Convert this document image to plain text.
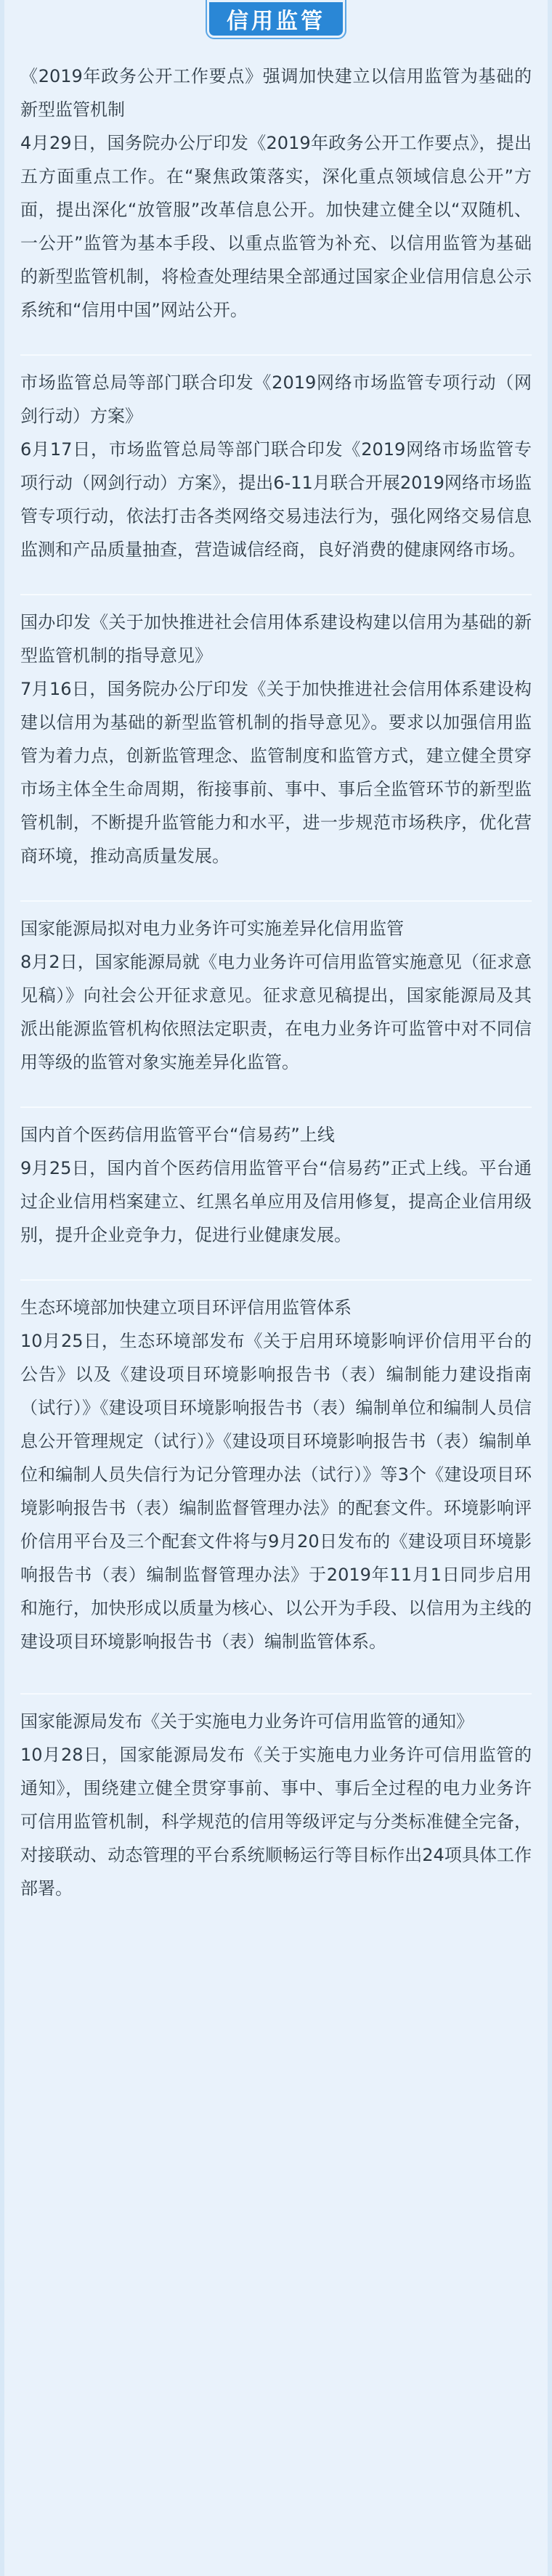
信用监管

《2019年政务公开工作要点》强调加快建立以信用监管为基础的新型监管机制

4月29日，国务院办公厅印发《2019年政务公开工作要点》，提出五方面重点工作。在“聚焦政策落实，深化重点领域信息公开”方面，提出深化“放管服”改革信息公开。加快建立健全以“双随机、一公开”监管为基本手段、以重点监管为补充、以信用监管为基础的新型监管机制，将检查处理结果全部通过国家企业信用信息公示系统和“信用中国”网站公开。

市场监管总局等部门联合印发《2019网络市场监管专项行动（网剑行动）方案》

6月17日，市场监管总局等部门联合印发《2019网络市场监管专项行动（网剑行动）方案》，提出6-11月联合开展2019网络市场监管专项行动，依法打击各类网络交易违法行为，强化网络交易信息监测和产品质量抽查，营造诚信经商，良好消费的健康网络市场。

国办印发《关于加快推进社会信用体系建设构建以信用为基础的新型监管机制的指导意见》

7月16日，国务院办公厅印发《关于加快推进社会信用体系建设构建以信用为基础的新型监管机制的指导意见》。要求以加强信用监管为着力点，创新监管理念、监管制度和监管方式，建立健全贯穿市场主体全生命周期，衔接事前、事中、事后全监管环节的新型监管机制，不断提升监管能力和水平，进一步规范市场秩序，优化营商环境，推动高质量发展。

国家能源局拟对电力业务许可实施差异化信用监管

8月2日，国家能源局就《电力业务许可信用监管实施意见（征求意见稿）》向社会公开征求意见。征求意见稿提出，国家能源局及其派出能源监管机构依照法定职责，在电力业务许可监管中对不同信用等级的监管对象实施差异化监管。

国内首个医药信用监管平台“信易药”上线

9月25日，国内首个医药信用监管平台“信易药”正式上线。平台通过企业信用档案建立、红黑名单应用及信用修复，提高企业信用级别，提升企业竞争力，促进行业健康发展。

生态环境部加快建立项目环评信用监管体系

10月25日，生态环境部发布《关于启用环境影响评价信用平台的公告》以及《建设项目环境影响报告书（表）编制能力建设指南（试行）》《建设项目环境影响报告书（表）编制单位和编制人员信息公开管理规定（试行）》《建设项目环境影响报告书（表）编制单位和编制人员失信行为记分管理办法（试行）》等3个《建设项目环境影响报告书（表）编制监督管理办法》的配套文件。环境影响评价信用平台及三个配套文件将与9月20日发布的《建设项目环境影响报告书（表）编制监督管理办法》于2019年11月1日同步启用和施行，加快形成以质量为核心、以公开为手段、以信用为主线的建设项目环境影响报告书（表）编制监管体系。

国家能源局发布《关于实施电力业务许可信用监管的通知》

10月28日，国家能源局发布《关于实施电力业务许可信用监管的通知》，围绕建立健全贯穿事前、事中、事后全过程的电力业务许可信用监管机制，科学规范的信用等级评定与分类标准健全完备，对接联动、动态管理的平台系统顺畅运行等目标作出24项具体工作部署。
